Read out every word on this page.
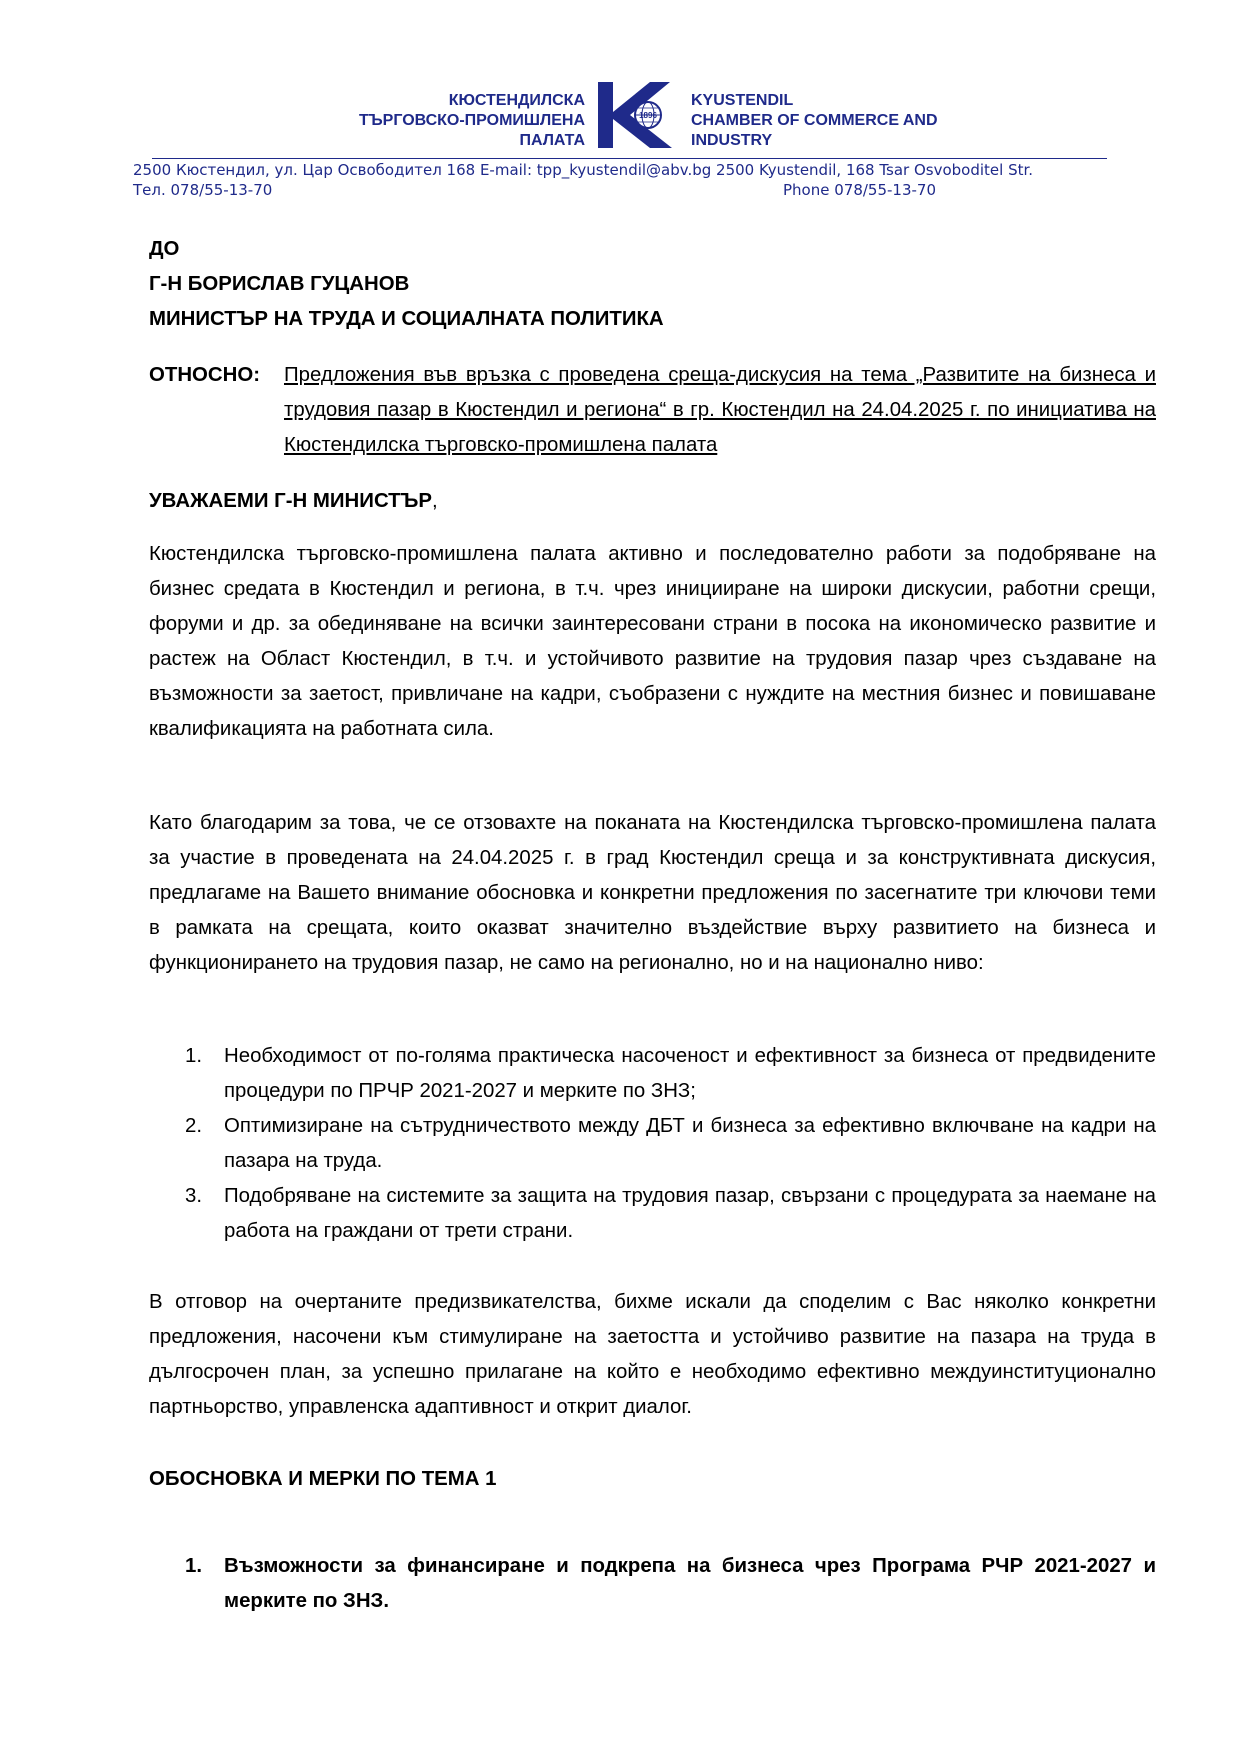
КЮСТЕНДИЛСКА
ТЪРГОВСКО-ПРОМИШЛЕНА
ПАЛАТА
1896
KYUSTENDIL
CHAMBER OF COMMERCE AND
INDUSTRY
2500 Кюстендил, ул. Цар Освободител 168 E-mail: tpp_kyustendil@abv.bg 2500 Kyustendil, 168 Tsar Osvoboditel Str.
Тел. 078/55-13-70	Phone 078/55-13-70
ДО
Г-Н БОРИСЛАВ ГУЦАНОВ
МИНИСТЪР НА ТРУДА И СОЦИАЛНАТА ПОЛИТИКА
ОТНОСНО: Предложения във връзка с проведена среща-дискусия на тема „Развитите на бизнеса и трудовия пазар в Кюстендил и региона“ в гр. Кюстендил на 24.04.2025 г. по инициатива на Кюстендилска търговско-промишлена палата
УВАЖАЕМИ Г-Н МИНИСТЪР,
Кюстендилска търговско-промишлена палата активно и последователно работи за подобряване на бизнес средата в Кюстендил и региона, в т.ч. чрез иницииране на широки дискусии, работни срещи, форуми и др. за обединяване на всички заинтересовани страни в посока на икономическо развитие и растеж на Област Кюстендил, в т.ч. и устойчивото развитие на трудовия пазар чрез създаване на възможности за заетост, привличане на кадри, съобразени с нуждите на местния бизнес и повишаване квалификацията на работната сила.
Като благодарим за това, че се отзовахте на поканата на Кюстендилска търговско-промишлена палата за участие в проведената на 24.04.2025 г. в град Кюстендил среща и за конструктивната дискусия, предлагаме на Вашето внимание обосновка и конкретни предложения по засегнатите три ключови теми в рамката на срещата, които оказват значително въздействие върху развитието на бизнеса и функционирането на трудовия пазар, не само на регионално, но и на национално ниво:
1. Необходимост от по-голяма практическа насоченост и ефективност за бизнеса от предвидените процедури по ПРЧР 2021-2027 и мерките по ЗНЗ;
2. Оптимизиране на сътрудничеството между ДБТ и бизнеса за ефективно включване на кадри на пазара на труда.
3. Подобряване на системите за защита на трудовия пазар, свързани с процедурата за наемане на работа на граждани от трети страни.
В отговор на очертаните предизвикателства, бихме искали да споделим с Вас няколко конкретни предложения, насочени към стимулиране на заетостта и устойчиво развитие на пазара на труда в дългосрочен план, за успешно прилагане на който е необходимо ефективно междуинституционално партньорство, управленска адаптивност и открит диалог.
ОБОСНОВКА И МЕРКИ ПО ТЕМА 1
1.	Възможности за финансиране и подкрепа на бизнеса чрез Програма РЧР 2021-2027 и мерките по ЗНЗ.
